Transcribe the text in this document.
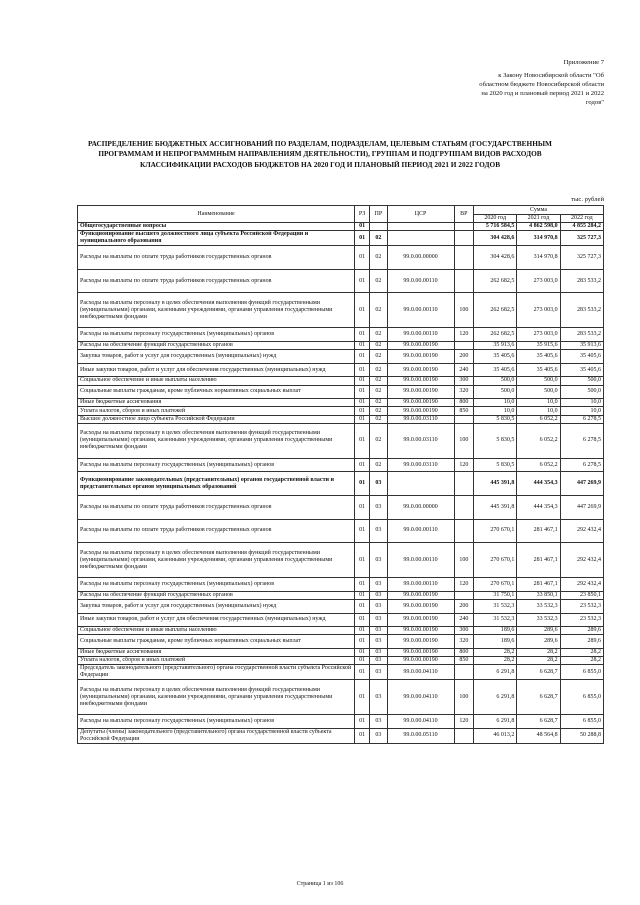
Приложение 7
к Закону Новосибирской области "Об
областном бюджете Новосибирской области
на 2020 год и плановый период 2021 и 2022
годов"
РАСПРЕДЕЛЕНИЕ БЮДЖЕТНЫХ АССИГНОВАНИЙ ПО РАЗДЕЛАМ, ПОДРАЗДЕЛАМ, ЦЕЛЕВЫМ СТАТЬЯМ (ГОСУДАРСТВЕННЫМ ПРОГРАММАМ И НЕПРОГРАММНЫМ НАПРАВЛЕНИЯМ ДЕЯТЕЛЬНОСТИ), ГРУППАМ И ПОДГРУППАМ ВИДОВ РАСХОДОВ КЛАССИФИКАЦИИ РАСХОДОВ БЮДЖЕТОВ НА 2020 ГОД И ПЛАНОВЫЙ ПЕРИОД 2021 И 2022 ГОДОВ
тыс. рублей
Наименование	РЗ	ПР	ЦСР	ВР	Сумма		
					2020 год	2021 год	2022 год
Общегосударственные вопросы	01				5 716 584,5	4 862 598,0	4 855 284,2
Функционирование высшего должностного лица субъекта Российской Федерации и муниципального образования	01	02			304 428,6	314 970,8	325 727,3
Расходы на выплаты по оплате труда работников государственных органов	01	02	99.0.00.00000		304 428,6	314 970,8	325 727,3
Расходы на выплаты по оплате труда работников государственных органов	01	02	99.0.00.00110		262 682,5	273 003,0	283 533,2
Расходы на выплаты персоналу в целях обеспечения выполнения функций государственными (муниципальными) органами, казенными учреждениями, органами управления государственными внебюджетными фондами	01	02	99.0.00.00110	100	262 682,5	273 003,0	283 533,2
Расходы на выплаты персоналу государственных (муниципальных) органов	01	02	99.0.00.00110	120	262 682,5	273 003,0	283 533,2
Расходы на обеспечение функций государственных органов	01	02	99.0.00.00190		35 913,6	35 915,6	35 913,6
Закупка товаров, работ и услуг для государственных (муниципальных) нужд	01	02	99.0.00.00190	200	35 405,6	35 405,6	35 405,6
Иные закупки товаров, работ и услуг для обеспечения государственных (муниципальных) нужд	01	02	99.0.00.00190	240	35 405,6	35 405,6	35 405,6
Социальное обеспечение и иные выплаты населению	01	02	99.0.00.00190	300	500,0	500,0	500,0
Социальные выплаты гражданам, кроме публичных нормативных социальных выплат	01	02	99.0.00.00190	320	500,0	500,0	500,0
Иные бюджетные ассигнования	01	02	99.0.00.00190	800	10,0	10,0	10,0
Уплата налогов, сборов и иных платежей	01	02	99.0.00.00190	850	10,0	10,0	10,0
Высшее должностное лицо субъекта Российской Федерации	01	02	99.0.00.03110		5 830,5	6 052,2	6 278,5
Расходы на выплаты персоналу в целях обеспечения выполнения функций государственными (муниципальными) органами, казенными учреждениями, органами управления государственными внебюджетными фондами	01	02	99.0.00.03110	100	5 830,5	6 052,2	6 278,5
Расходы на выплаты персоналу государственных (муниципальных) органов	01	02	99.0.00.03110	120	5 830,5	6 052,2	6 278,5
Функционирование законодательных (представительных) органов государственной власти и представительных органов муниципальных образований	01	03			445 391,8	444 354,3	447 269,9
Расходы на выплаты по оплате труда работников государственных органов	01	03	99.0.00.00000		445 391,8	444 354,3	447 269,9
Расходы на выплаты по оплате труда работников государственных органов	01	03	99.0.00.00110		270 670,1	281 467,1	292 432,4
Расходы на выплаты персоналу в целях обеспечения выполнения функций государственными (муниципальными) органами, казенными учреждениями, органами управления государственными внебюджетными фондами	01	03	99.0.00.00110	100	270 670,1	281 467,1	292 432,4
Расходы на выплаты персоналу государственных (муниципальных) органов	01	03	99.0.00.00110	120	270 670,1	281 467,1	292 432,4
Расходы на обеспечение функций государственных органов	01	03	99.0.00.00190		31 750,1	33 850,1	23 850,1
Закупка товаров, работ и услуг для государственных (муниципальных) нужд	01	03	99.0.00.00190	200	31 532,3	33 532,3	23 532,3
Иные закупки товаров, работ и услуг для обеспечения государственных (муниципальных) нужд	01	03	99.0.00.00190	240	31 532,3	33 532,3	23 532,3
Социальное обеспечение и иные выплаты населению	01	03	99.0.00.00190	300	189,6	289,6	289,6
Социальные выплаты гражданам, кроме публичных нормативных социальных выплат	01	03	99.0.00.00190	320	189,6	289,6	289,6
Иные бюджетные ассигнования	01	03	99.0.00.00190	800	28,2	28,2	28,2
Уплата налогов, сборов и иных платежей	01	03	99.0.00.00190	850	28,2	28,2	28,2
Председатель законодательного (представительного) органа государственной власти субъекта Российской Федерации	01	03	99.0.00.04110		6 291,8	6 628,7	6 855,0
Расходы на выплаты персоналу в целях обеспечения выполнения функций государственными (муниципальными) органами, казенными учреждениями, органами управления государственными внебюджетными фондами	01	03	99.0.00.04110	100	6 291,8	6 628,7	6 855,0
Расходы на выплаты персоналу государственных (муниципальных) органов	01	03	99.0.00.04110	120	6 291,8	6 628,7	6 855,0
Депутаты (члены) законодательного (представительного) органа государственной власти субъекта Российской Федерации	01	03	99.0.00.05110		46 013,2	48 564,8	50 288,8
Страница 1 из 106
